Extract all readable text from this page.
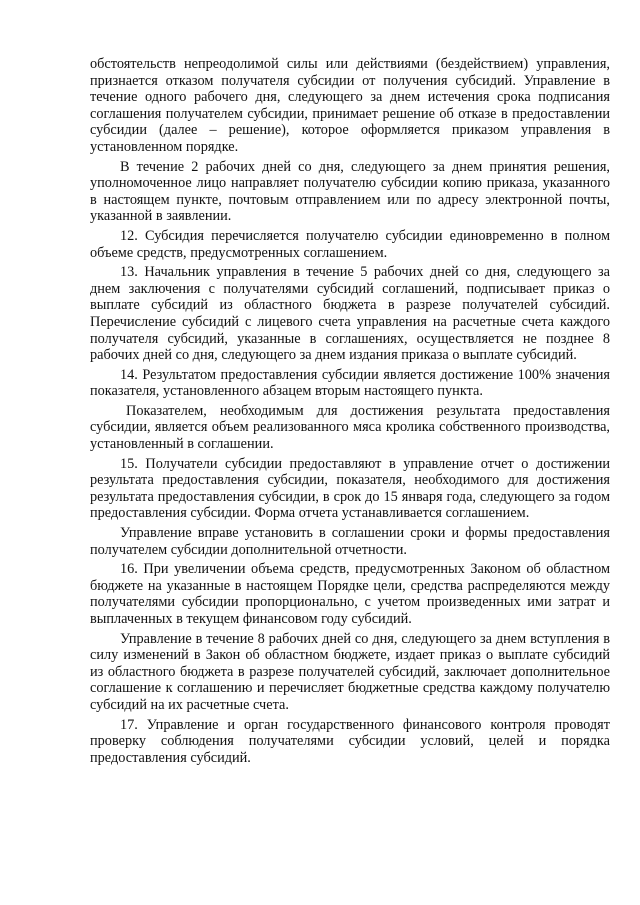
обстоятельств непреодолимой силы или действиями (бездействием) управления, признается отказом получателя субсидии от получения субсидий. Управление в течение одного рабочего дня, следующего за днем истечения срока подписания соглашения получателем субсидии, принимает решение об отказе в предоставлении субсидии (далее – решение), которое оформляется приказом управления в установленном порядке.

В течение 2 рабочих дней со дня, следующего за днем принятия решения, уполномоченное лицо направляет получателю субсидии копию приказа, указанного в настоящем пункте, почтовым отправлением или по адресу электронной почты, указанной в заявлении.

12. Субсидия перечисляется получателю субсидии единовременно в полном объеме средств, предусмотренных соглашением.

13. Начальник управления в течение 5 рабочих дней со дня, следующего за днем заключения с получателями субсидий соглашений, подписывает приказ о выплате субсидий из областного бюджета в разрезе получателей субсидий. Перечисление субсидий с лицевого счета управления на расчетные счета каждого получателя субсидий, указанные в соглашениях, осуществляется не позднее 8 рабочих дней со дня, следующего за днем издания приказа о выплате субсидий.

14. Результатом предоставления субсидии является достижение 100% значения показателя, установленного абзацем вторым настоящего пункта.

Показателем, необходимым для достижения результата предоставления субсидии, является объем реализованного мяса кролика собственного производства, установленный в соглашении.

15. Получатели субсидии предоставляют в управление отчет о достижении результата предоставления субсидии, показателя, необходимого для достижения результата предоставления субсидии, в срок до 15 января года, следующего за годом предоставления субсидии. Форма отчета устанавливается соглашением.

Управление вправе установить в соглашении сроки и формы предоставления получателем субсидии дополнительной отчетности.

16. При увеличении объема средств, предусмотренных Законом об областном бюджете на указанные в настоящем Порядке цели, средства распределяются между получателями субсидии пропорционально, с учетом произведенных ими затрат и выплаченных в текущем финансовом году субсидий.

Управление в течение 8 рабочих дней со дня, следующего за днем вступления в силу изменений в Закон об областном бюджете, издает приказ о выплате субсидий из областного бюджета в разрезе получателей субсидий, заключает дополнительное соглашение к соглашению и перечисляет бюджетные средства каждому получателю субсидий на их расчетные счета.

17. Управление и орган государственного финансового контроля проводят проверку соблюдения получателями субсидии условий, целей и порядка предоставления субсидий.
